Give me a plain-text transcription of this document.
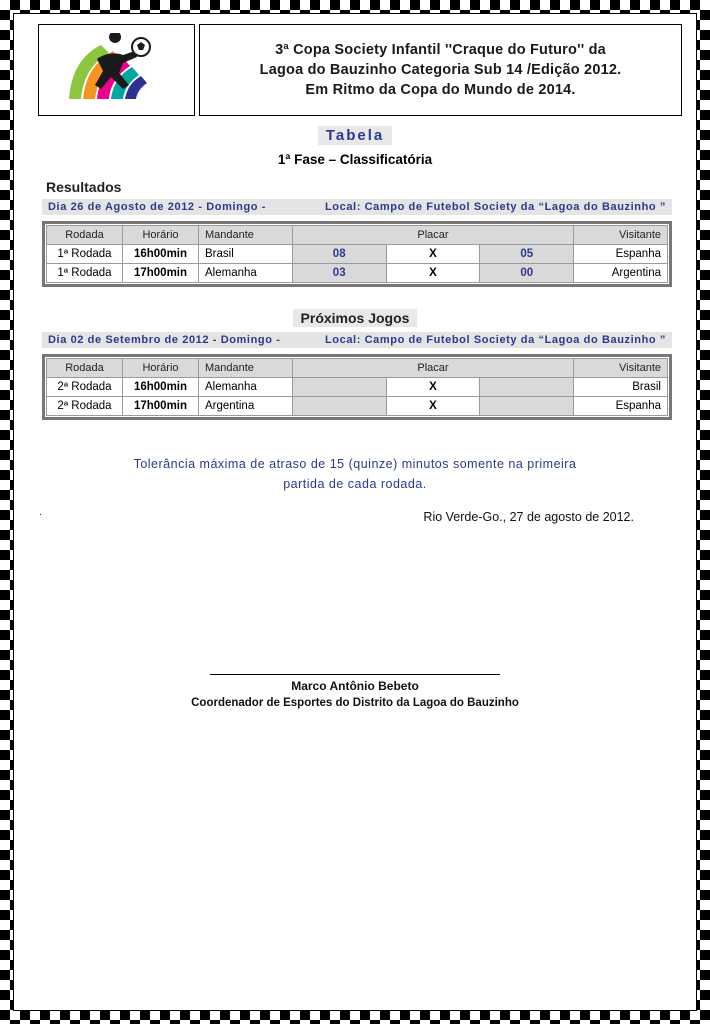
3ª Copa Society Infantil ''Craque do Futuro'' da
Lagoa do Bauzinho Categoria Sub 14 /Edição 2012.
Em Ritmo da Copa do Mundo de 2014.
Tabela
1ª Fase – Classificatória
Resultados
Local: Campo de Futebol Society da “Lagoa do Bauzinho ”
Dia 26 de Agosto de 2012 - Domingo -
Rodada	Horário	Mandante	Placar			Visitante
1ª Rodada	16h00min	Brasil	08	X	05	Espanha
1ª Rodada	17h00min	Alemanha	03	X	00	Argentina
Próximos Jogos
Local: Campo de Futebol Society da “Lagoa do Bauzinho ”
Dia 02 de Setembro de 2012 - Domingo -
Rodada	Horário	Mandante	Placar			Visitante
2ª Rodada	16h00min	Alemanha		X		Brasil
2ª Rodada	17h00min	Argentina		X		Espanha
Tolerância máxima de atraso de 15 (quinze) minutos somente na primeira
partida de cada rodada.
.	Rio Verde-Go., 27 de agosto de 2012.
Marco Antônio Bebeto
Coordenador de Esportes do Distrito da Lagoa do Bauzinho
